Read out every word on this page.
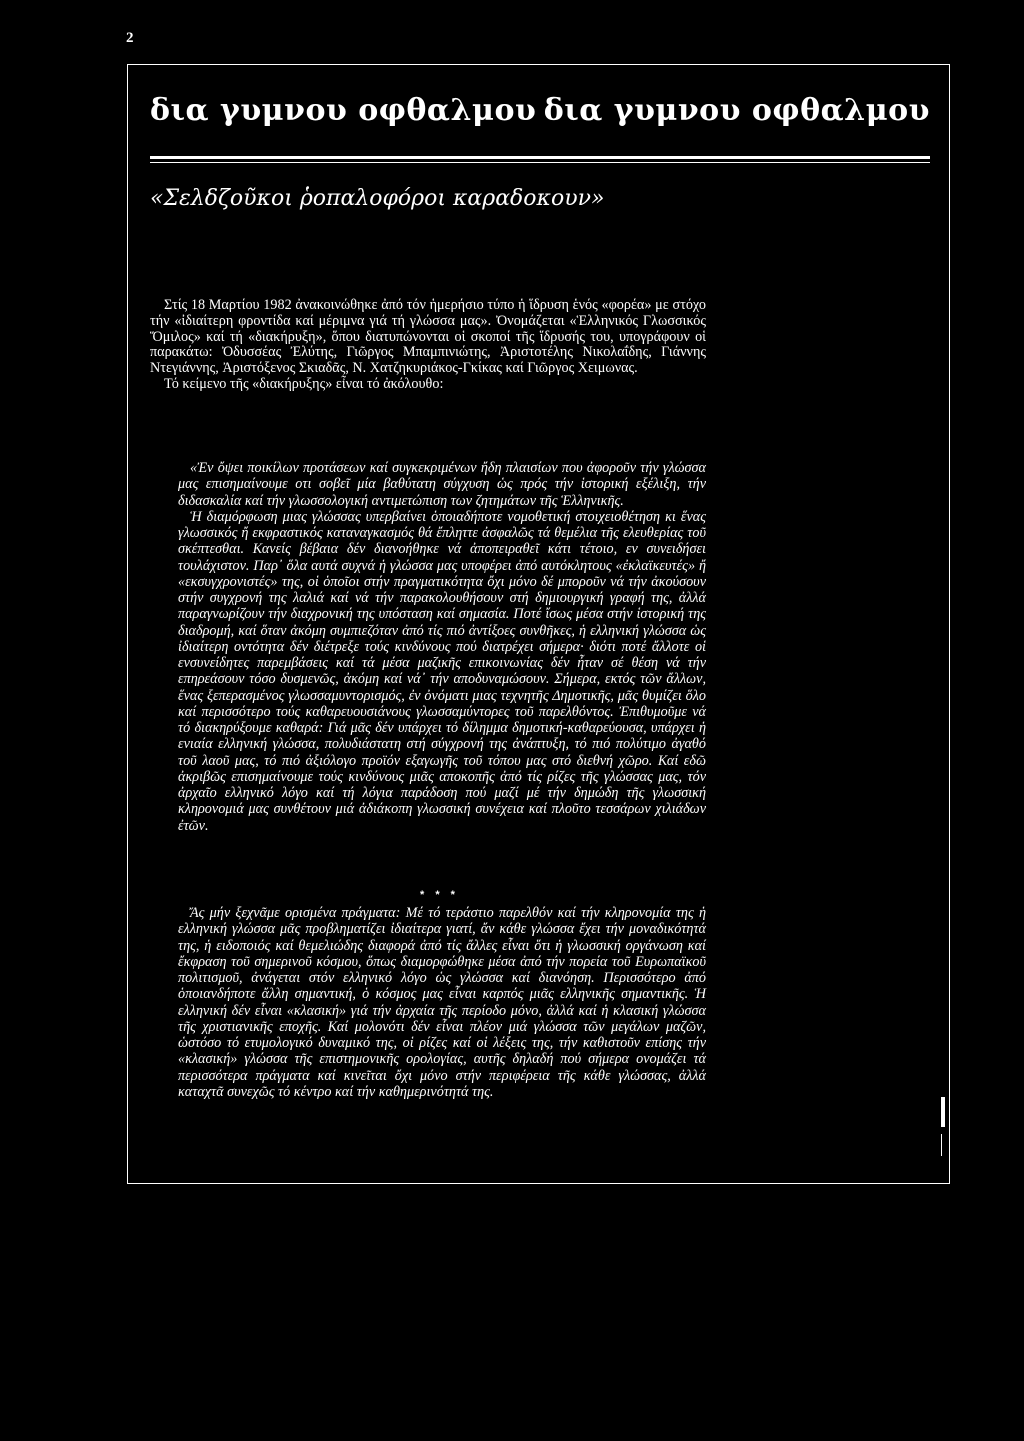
2
δια γυμνου οφθαλμου δια γυμνου οφθαλμου
«Σελδζοῦκοι ῥοπαλοφόροι καραδοκουν»

Στίς 18 Μαρτίου 1982 ἀνακοινώθηκε ἀπό τόν ἡμερήσιο τύπο ἡ ἵδρυση ἑνός «φορέα» με στόχο τήν «ἰδιαίτερη φροντίδα καί μέριμνα γιά τή γλώσσα μας». Ὀνομάζεται «Ἑλληνικός Γλωσσικός Ὅμιλος» καί τή «διακήρυξη», ὅπου διατυπώνονται οἱ σκοποί τῆς ἵδρυσής του, υπογράφουν οἱ παρακάτω: Ὀδυσσέας Ἐλύτης, Γιῶργος Μπαμπινιώτης, Ἀριστοτέλης Νικολαΐδης, Γιάννης Ντεγιάννης, Ἀριστόξενος Σκιαδᾶς, Ν. Χατζηκυριάκος-Γκίκας καί Γιῶργος Χειμωνας.

Τό κείμενο τῆς «διακήρυξης» εἶναι τό ἀκόλουθο:

«Ἐν ὄψει ποικίλων προτάσεων καί συγκεκριμένων ἤδη πλαισίων που ἀφοροῦν τήν γλώσσα μας επισημαίνουμε οτι σοβεῖ μία βαθύτατη σύγχυση ὡς πρός τήν ἱστορική εξέλιξη, τήν διδασκαλία καί τήν γλωσσολογική αντιμετώπιση των ζητημάτων τῆς Ἑλληνικῆς.

Ἡ διαμόρφωση μιας γλώσσας υπερβαίνει ὁποιαδήποτε νομοθετική στοιχειοθέτηση κι ἕνας γλωσσικός ἤ εκφραστικός καταναγκασμός θά ἔπληττε ἀσφαλῶς τά θεμέλια τῆς ελευθερίας τοῦ σκέπτεσθαι. Κανείς βέβαια δέν διανοήθηκε νά ἀποπειραθεῖ κάτι τέτοιο, εν συνειδήσει τουλάχιστον. Παρ᾿ ὅλα αυτά συχνά ἡ γλώσσα μας υποφέρει ἀπό αυτόκλητους «ἐκλαϊκευτές» ἤ «εκσυγχρονιστές» της, οἱ ὁποῖοι στήν πραγματικότητα ὄχι μόνο δέ μποροῦν νά τήν ἀκούσουν στήν συγχρονή της λαλιά καί νά τήν παρακολουθήσουν στή δημιουργική γραφή της, ἀλλά παραγνωρίζουν τήν διαχρονική της υπόσταση καί σημασία. Ποτέ ἴσως μέσα στήν ἱστορική της διαδρομή, καί ὅταν ἀκόμη συμπιεζόταν ἀπό τίς πιό ἀντίξοες συνθῆκες, ἡ ελληνική γλώσσα ὡς ἰδιαίτερη οντότητα δέν διέτρεξε τούς κινδύνους πού διατρέχει σήμερα· διότι ποτέ ἄλλοτε οἱ ενσυνείδητες παρεμβάσεις καί τά μέσα μαζικῆς επικοινωνίας δέν ἦταν σέ θέση νά τήν επηρεάσουν τόσο δυσμενῶς, ἀκόμη καί νά᾿ τήν αποδυναμώσουν. Σήμερα, εκτός τῶν ἄλλων, ἕνας ξεπερασμένος γλωσσαμυντορισμός, ἐν ὀνόματι μιας τεχνητῆς Δημοτικῆς, μᾶς θυμίζει ὅλο καί περισσότερο τούς καθαρευουσιάνους γλωσσαμύντορες τοῦ παρελθόντος. Ἐπιθυμοῦμε νά τό διακηρύξουμε καθαρά: Γιά μᾶς δέν υπάρχει τό δίλημμα δημοτική-καθαρεύουσα, υπάρχει ἡ ενιαία ελληνική γλώσσα, πολυδιάστατη στή σύγχρονή της ἀνάπτυξη, τό πιό πολύτιμο ἀγαθό τοῦ λαοῦ μας, τό πιό ἀξιόλογο προϊόν εξαγωγῆς τοῦ τόπου μας στό διεθνή χῶρο. Καί εδῶ ἀκριβῶς επισημαίνουμε τούς κινδύνους μιᾶς αποκοπῆς ἀπό τίς ρίζες τῆς γλώσσας μας, τόν ἀρχαῖο ελληνικό λόγο καί τή λόγια παράδοση πού μαζί μέ τήν δημώδη τῆς γλωσσική κληρονομιά μας συνθέτουν μιά ἀδιάκοπη γλωσσική συνέχεια καί πλοῦτο τεσσάρων χιλιάδων ἐτῶν.

* * *

Ἄς μήν ξεχνᾶμε ορισμένα πράγματα: Μέ τό τεράστιο παρελθόν καί τήν κληρονομία της ἡ ελληνική γλώσσα μᾶς προβληματίζει ἰδιαίτερα γιατί, ἄν κάθε γλώσσα ἔχει τήν μοναδικότητά της, ἡ ειδοποιός καί θεμελιώδης διαφορά ἀπό τίς ἄλλες εἶναι ὅτι ἡ γλωσσική οργάνωση καί ἔκφραση τοῦ σημερινοῦ κόσμου, ὅπως διαμορφώθηκε μέσα ἀπό τήν πορεία τοῦ Ευρωπαϊκοῦ πολιτισμοῦ, ἀνάγεται στόν ελληνικό λόγο ὡς γλώσσα καί διανόηση. Περισσότερο ἀπό ὁποιανδήποτε ἄλλη σημαντική, ὁ κόσμος μας εἶναι καρπός μιᾶς ελληνικῆς σημαντικῆς. Ἡ ελληνική δέν εἶναι «κλασική» γιά τήν ἀρχαία τῆς περίοδο μόνο, ἀλλά καί ἡ κλασική γλώσσα τῆς χριστιανικῆς εποχῆς. Καί μολονότι δέν εἶναι πλέον μιά γλώσσα τῶν μεγάλων μαζῶν, ὡστόσο τό ετυμολογικό δυναμικό της, οἱ ρίζες καί οἱ λέξεις της, τήν καθιστοῦν επίσης τήν «κλασική» γλώσσα τῆς επιστημονικῆς ορολογίας, αυτῆς δηλαδή πού σήμερα ονομάζει τά περισσότερα πράγματα καί κινεῖται ὄχι μόνο στήν περιφέρεια τῆς κάθε γλώσσας, ἀλλά καταχτᾶ συνεχῶς τό κέντρο καί τήν καθημερινότητά της.
